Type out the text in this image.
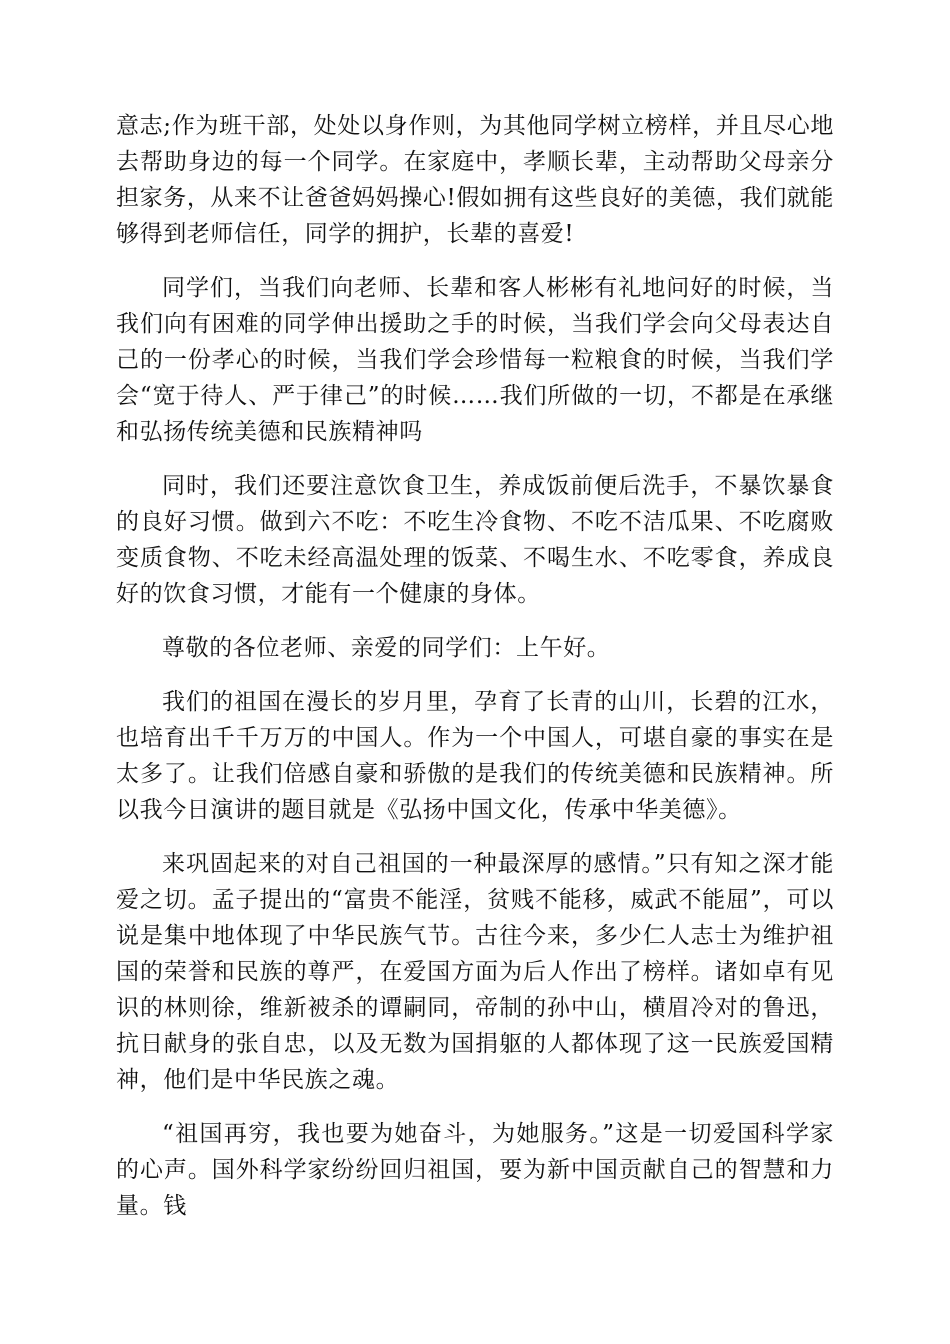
意志;作为班干部，处处以身作则，为其他同学树立榜样，并且尽心地去帮助身边的每一个同学。在家庭中，孝顺长辈，主动帮助父母亲分担家务，从来不让爸爸妈妈操心!假如拥有这些良好的美德，我们就能够得到老师信任，同学的拥护，长辈的喜爱!

同学们，当我们向老师、长辈和客人彬彬有礼地问好的时候，当我们向有困难的同学伸出援助之手的时候，当我们学会向父母表达自己的一份孝心的时候，当我们学会珍惜每一粒粮食的时候，当我们学会“宽于待人、严于律己”的时候……我们所做的一切，不都是在承继和弘扬传统美德和民族精神吗

同时，我们还要注意饮食卫生，养成饭前便后洗手，不暴饮暴食的良好习惯。做到六不吃：不吃生冷食物、不吃不洁瓜果、不吃腐败变质食物、不吃未经高温处理的饭菜、不喝生水、不吃零食，养成良好的饮食习惯，才能有一个健康的身体。

尊敬的各位老师、亲爱的同学们：上午好。

我们的祖国在漫长的岁月里，孕育了长青的山川，长碧的江水，也培育出千千万万的中国人。作为一个中国人，可堪自豪的事实在是太多了。让我们倍感自豪和骄傲的是我们的传统美德和民族精神。所以我今日演讲的题目就是《弘扬中国文化，传承中华美德》。

来巩固起来的对自己祖国的一种最深厚的感情。”只有知之深才能爱之切。孟子提出的“富贵不能淫，贫贱不能移，威武不能屈”，可以说是集中地体现了中华民族气节。古往今来，多少仁人志士为维护祖国的荣誉和民族的尊严，在爱国方面为后人作出了榜样。诸如卓有见识的林则徐，维新被杀的谭嗣同，帝制的孙中山，横眉冷对的鲁迅，抗日献身的张自忠，以及无数为国捐躯的人都体现了这一民族爱国精神，他们是中华民族之魂。

“祖国再穷，我也要为她奋斗，为她服务。”这是一切爱国科学家的心声。国外科学家纷纷回归祖国，要为新中国贡献自己的智慧和力量。钱
